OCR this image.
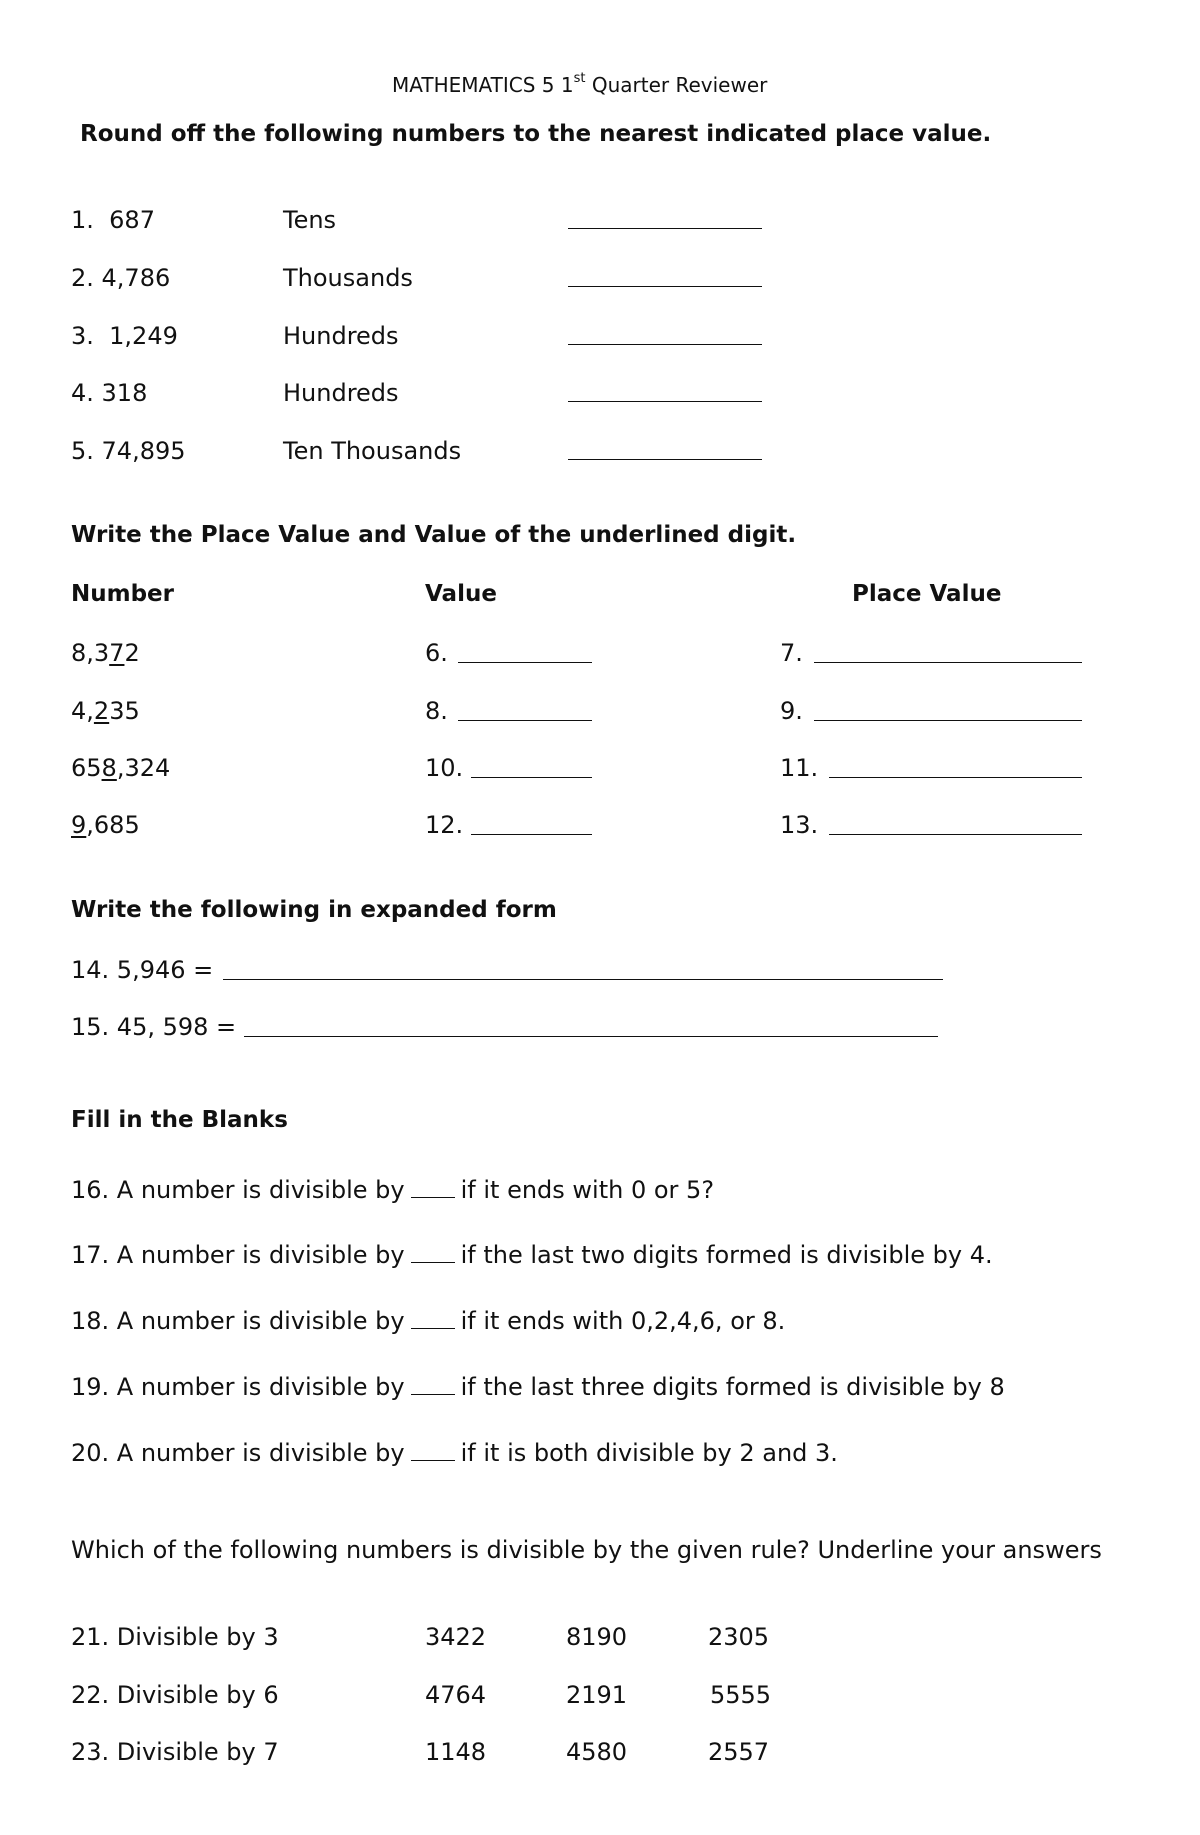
MATHEMATICS 5 1st Quarter Reviewer
Round off the following numbers to the nearest indicated place value.
1.  687	Tens
2. 4,786	Thousands
3.  1,249	Hundreds
4. 318	Hundreds
5. 74,895	Ten Thousands
Write the Place Value and Value of the underlined digit.
Number	Value	Place Value
8,372	6.	7.
4,235	8.	9.
658,324	10.	11.
9,685	12.	13.
Write the following in expanded form
14. 5,946 =
15. 45, 598 =
Fill in the Blanks
16. A number is divisible by if it ends with 0 or 5?
17. A number is divisible by if the last two digits formed is divisible by 4.
18. A number is divisible by if it ends with 0,2,4,6, or 8.
19. A number is divisible by if the last three digits formed is divisible by 8
20. A number is divisible by if it is both divisible by 2 and 3.
Which of the following numbers is divisible by the given rule? Underline your answers
21. Divisible by 3	3422	8190	2305
22. Divisible by 6	4764	2191	5555
23. Divisible by 7	1148	4580	2557
